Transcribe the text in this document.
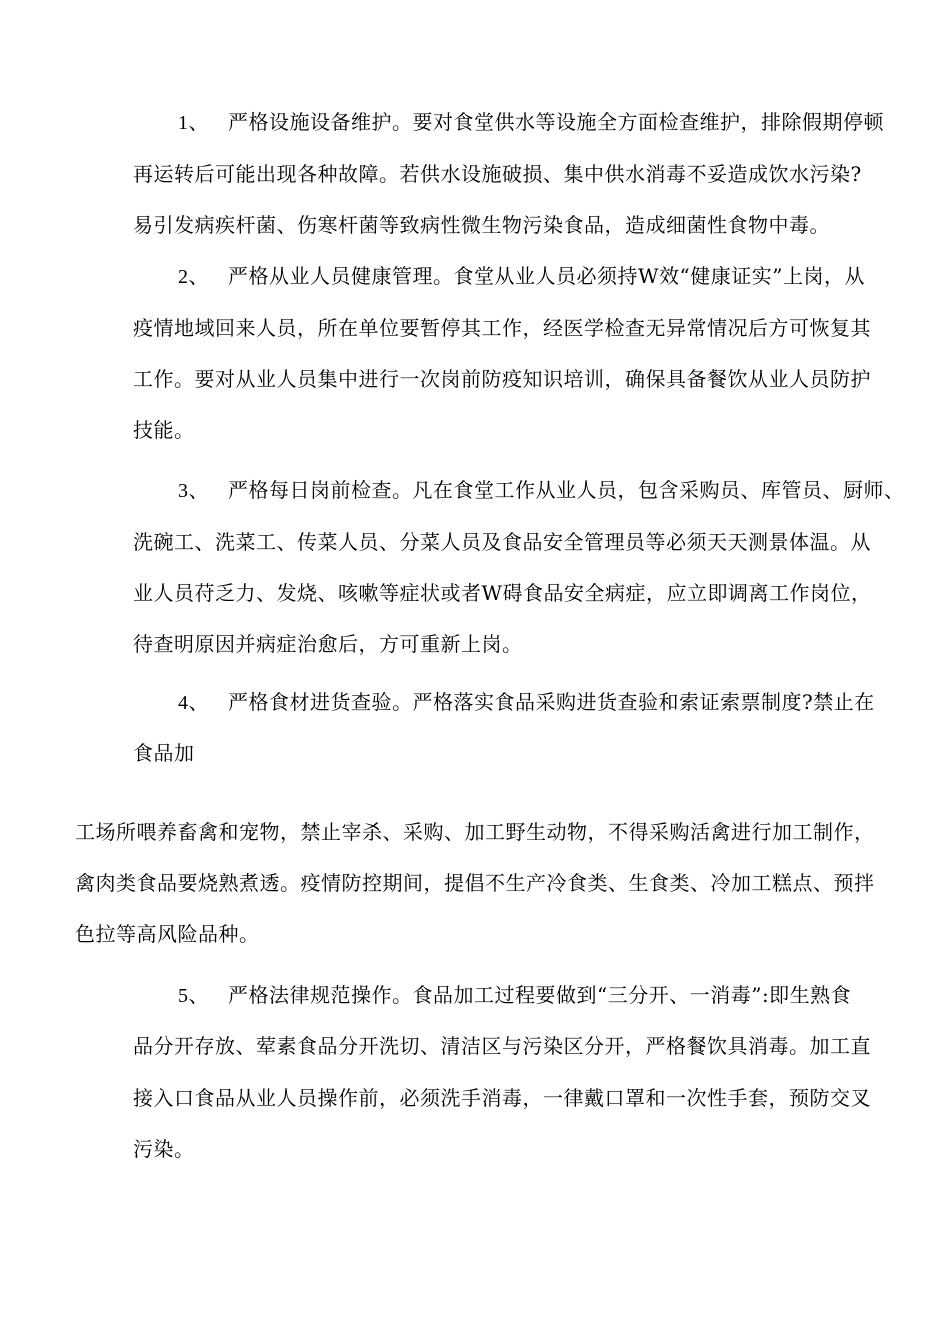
1、 严格设施设备维护。要对食堂供水等设施全方面检查维护，排除假期停顿
再运转后可能出现各种故障。若供水设施破损、集中供水消毒不妥造成饮水污染?
易引发病疾杆菌、伤寒杆菌等致病性微生物污染食品，造成细菌性食物中毒。
2、 严格从业人员健康管理。食堂从业人员必须持W效“健康证实”上岗，从
疫情地域回来人员，所在单位要暂停其工作，经医学检查无异常情况后方可恢复其
工作。要对从业人员集中进行一次岗前防疫知识培训，确保具备餐饮从业人员防护
技能。
3、 严格每日岗前检查。凡在食堂工作从业人员，包含采购员、库管员、厨师、
洗碗工、洗菜工、传菜人员、分菜人员及食品安全管理员等必须天天测景体温。从
业人员苻乏力、发烧、咳嗽等症状或者W碍食品安全病症，应立即调离工作岗位，
待查明原因并病症治愈后，方可重新上岗。
4、 严格食材进货查验。严格落实食品采购进货查验和索证索票制度?禁止在
食品加
工场所喂养畜禽和宠物，禁止宰杀、采购、加工野生动物，不得采购活禽进行加工制作，
禽肉类食品要烧熟煮透。疫情防控期间，提倡不生产冷食类、生食类、冷加工糕点、预拌
色拉等高风险品种。
5、 严格法律规范操作。食品加工过程要做到“三分开、一消毒”:即生熟食
品分开存放、荤素食品分开洗切、清洁区与污染区分开，严格餐饮具消毒。加工直
接入口食品从业人员操作前，必须洗手消毒，一律戴口罩和一次性手套，预防交叉
污染。
